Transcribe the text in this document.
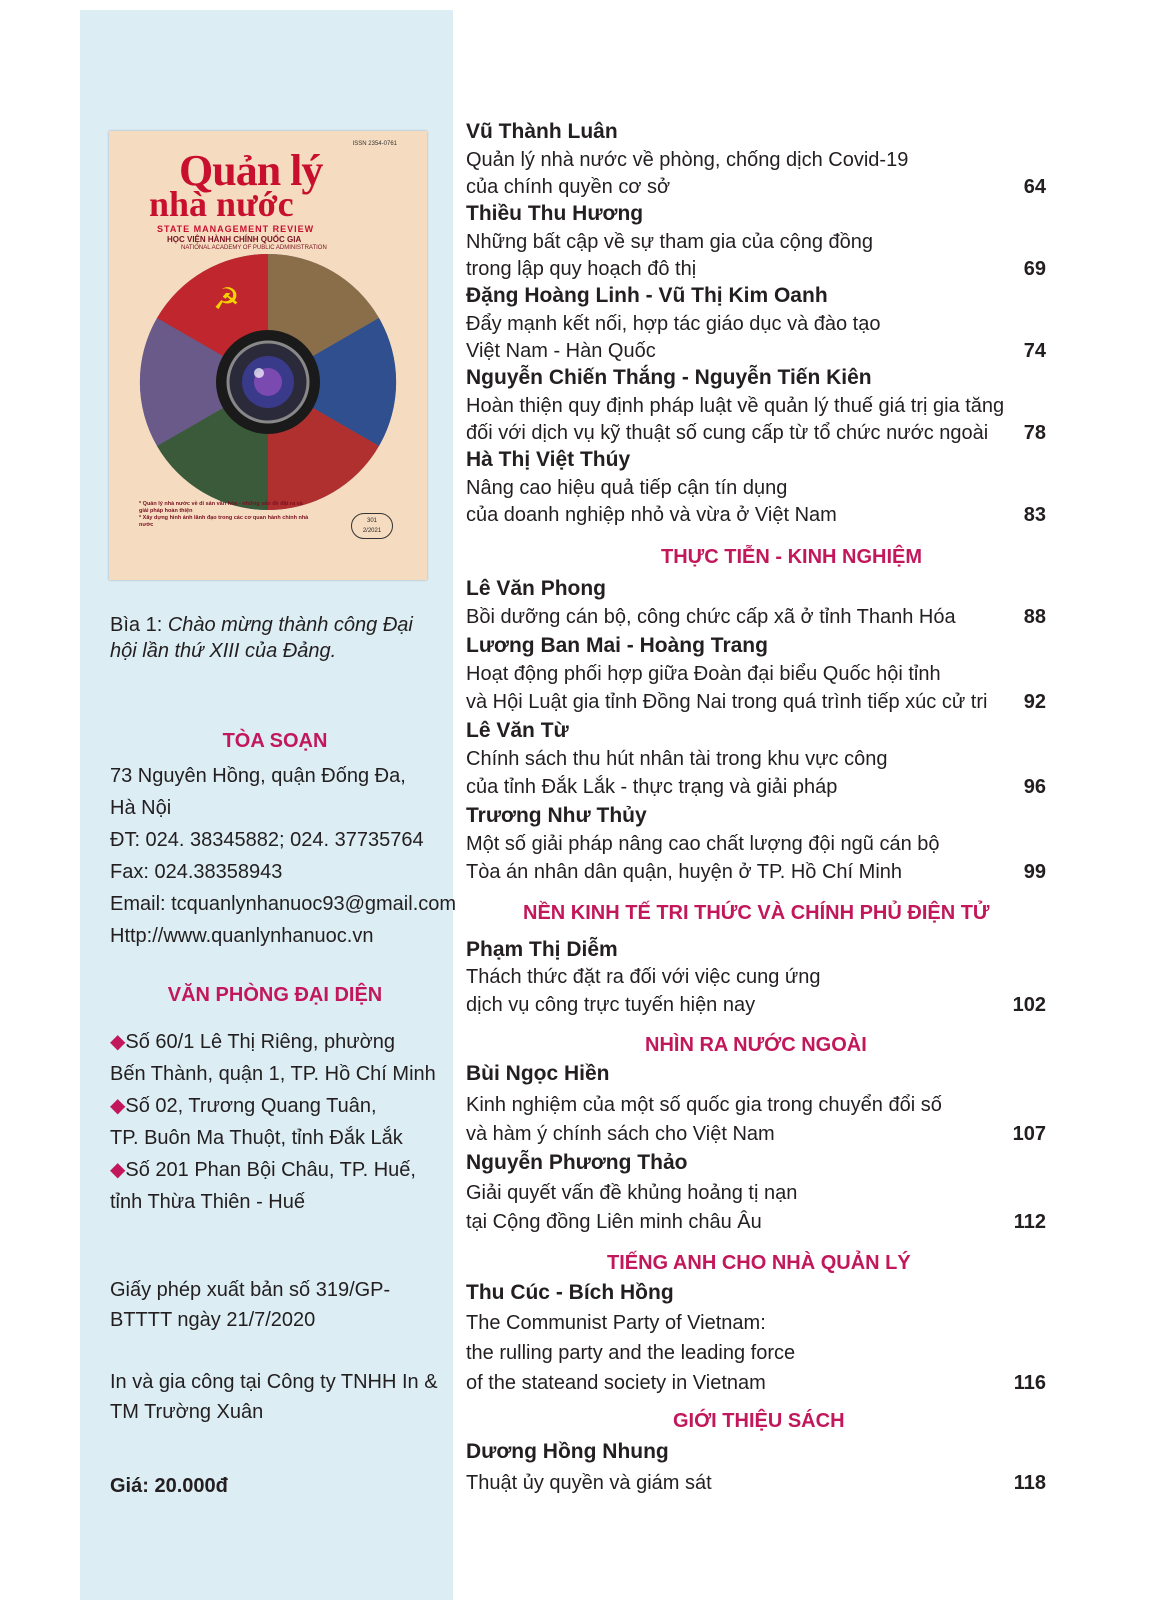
ISSN 2354-0761
Quản lý
nhà nước
STATE MANAGEMENT REVIEW
HỌC VIỆN HÀNH CHÍNH QUỐC GIA
NATIONAL ACADEMY OF PUBLIC ADMINISTRATION
☭
* Quản lý nhà nước về di sản văn hóa - những vấn đề đặt ra và giải pháp hoàn thiện
* Xây dựng hình ảnh lãnh đạo trong các cơ quan hành chính nhà nước
301
2/2021
Bìa 1: Chào mừng thành công Đại hội lần thứ XIII của Đảng.
TÒA SOẠN
73 Nguyên Hồng, quận Đống Đa,
Hà Nội
ĐT: 024. 38345882; 024. 37735764
Fax: 024.38358943
Email: tcquanlynhanuoc93@gmail.com
Http://www.quanlynhanuoc.vn
VĂN PHÒNG ĐẠI DIỆN
◆Số 60/1 Lê Thị Riêng, phường
Bến Thành, quận 1, TP. Hồ Chí Minh
◆Số 02, Trương Quang Tuân,
TP. Buôn Ma Thuột, tỉnh Đắk Lắk
◆Số 201 Phan Bội Châu, TP. Huế,
tỉnh Thừa Thiên - Huế
Giấy phép xuất bản số 319/GP-
BTTTT ngày 21/7/2020
In và gia công tại Công ty TNHH In &
TM Trường Xuân
Giá: 20.000đ
Vũ Thành Luân
Quản lý nhà nước về phòng, chống dịch Covid-19
của chính quyền cơ sở	64
Thiều Thu Hương
Những bất cập về sự tham gia của cộng đồng
trong lập quy hoạch đô thị	69
Đặng Hoàng Linh - Vũ Thị Kim Oanh
Đẩy mạnh kết nối, hợp tác giáo dục và đào tạo
Việt Nam - Hàn Quốc	74
Nguyễn Chiến Thắng - Nguyễn Tiến Kiên
Hoàn thiện quy định pháp luật về quản lý thuế giá trị gia tăng
đối với dịch vụ kỹ thuật số cung cấp từ tổ chức nước ngoài 78
Hà Thị Việt Thúy
Nâng cao hiệu quả tiếp cận tín dụng
của doanh nghiệp nhỏ và vừa ở Việt Nam	83
THỰC TIỄN - KINH NGHIỆM
Lê Văn Phong
Bồi dưỡng cán bộ, công chức cấp xã ở tỉnh Thanh Hóa	88
Lương Ban Mai - Hoàng Trang
Hoạt động phối hợp giữa Đoàn đại biểu Quốc hội tỉnh
và Hội Luật gia tỉnh Đồng Nai trong quá trình tiếp xúc cử tri 92
Lê Văn Từ
Chính sách thu hút nhân tài trong khu vực công
của tỉnh Đắk Lắk - thực trạng và giải pháp	96
Trương Như Thủy
Một số giải pháp nâng cao chất lượng đội ngũ cán bộ
Tòa án nhân dân quận, huyện ở TP. Hồ Chí Minh	99
NỀN KINH TẾ TRI THỨC VÀ CHÍNH PHỦ ĐIỆN TỬ
Phạm Thị Diễm
Thách thức đặt ra đối với việc cung ứng
dịch vụ công trực tuyến hiện nay	102
NHÌN RA NƯỚC NGOÀI
Bùi Ngọc Hiền
Kinh nghiệm của một số quốc gia trong chuyển đổi số
và hàm ý chính sách cho Việt Nam	107
Nguyễn Phương Thảo
Giải quyết vấn đề khủng hoảng tị nạn
tại Cộng đồng Liên minh châu Âu	112
TIẾNG ANH CHO NHÀ QUẢN LÝ
Thu Cúc - Bích Hồng
The Communist Party of Vietnam:
the rulling party and the leading force
of the stateand society in Vietnam	116
GIỚI THIỆU SÁCH
Dương Hồng Nhung
Thuật ủy quyền và giám sát	118
